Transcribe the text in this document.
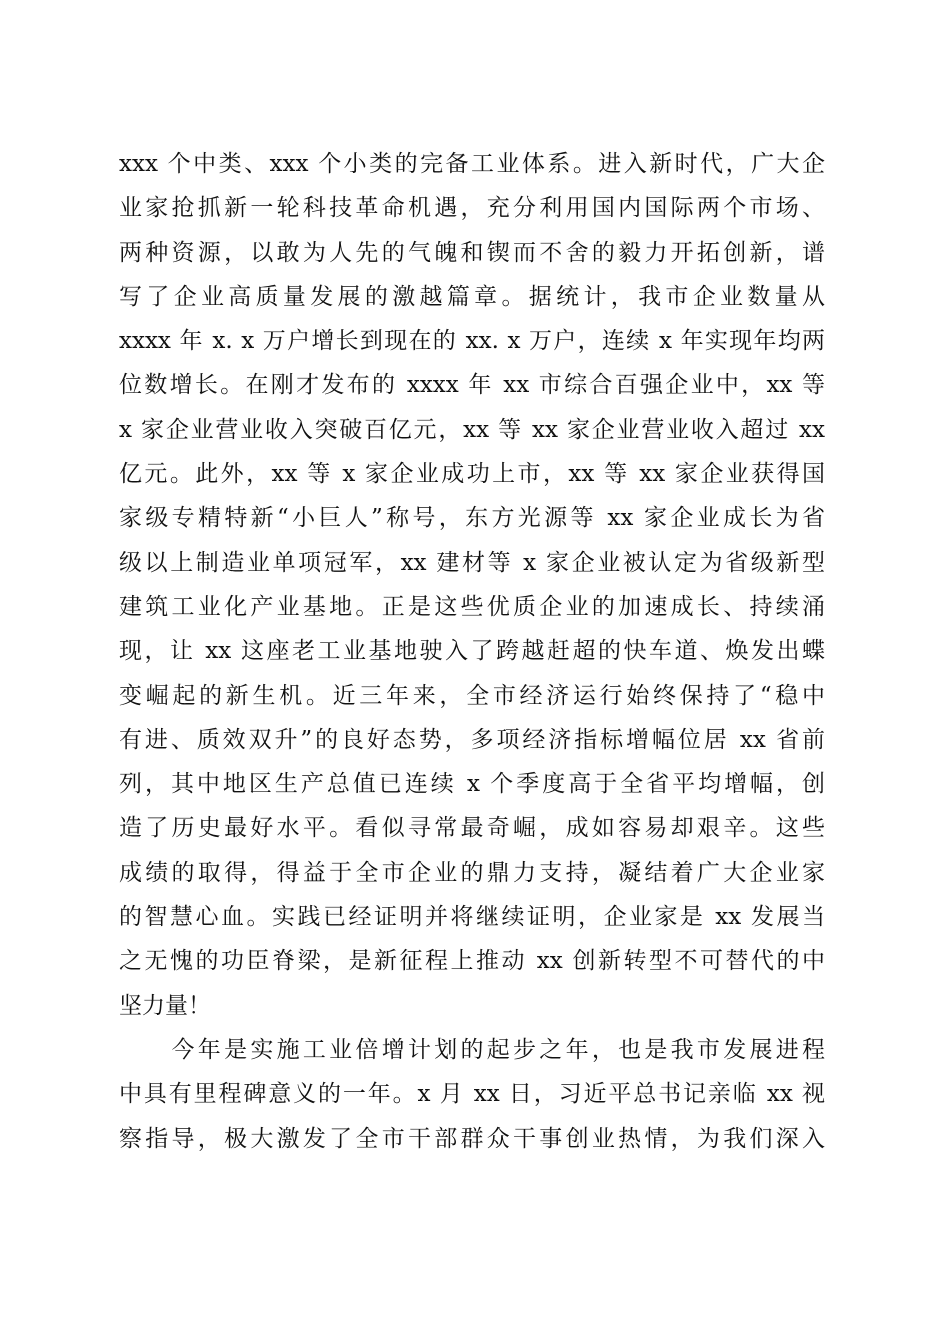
xxx 个中类、xxx 个小类的完备工业体系。进入新时代，广大企
业家抢抓新一轮科技革命机遇，充分利用国内国际两个市场、
两种资源，以敢为人先的气魄和锲而不舍的毅力开拓创新，谱
写了企业高质量发展的激越篇章。据统计，我市企业数量从
xxxx 年 x. x 万户增长到现在的 xx. x 万户，连续 x 年实现年均两
位数增长。在刚才发布的 xxxx 年 xx 市综合百强企业中，xx 等
x 家企业营业收入突破百亿元，xx 等 xx 家企业营业收入超过 xx
亿元。此外，xx 等 x 家企业成功上市，xx 等 xx 家企业获得国
家级专精特新“小巨人”称号，东方光源等 xx 家企业成长为省
级以上制造业单项冠军，xx 建材等 x 家企业被认定为省级新型
建筑工业化产业基地。正是这些优质企业的加速成长、持续涌
现，让 xx 这座老工业基地驶入了跨越赶超的快车道、焕发出蝶
变崛起的新生机。近三年来，全市经济运行始终保持了“稳中
有进、质效双升”的良好态势，多项经济指标增幅位居 xx 省前
列，其中地区生产总值已连续 x 个季度高于全省平均增幅，创
造了历史最好水平。看似寻常最奇崛，成如容易却艰辛。这些
成绩的取得，得益于全市企业的鼎力支持，凝结着广大企业家
的智慧心血。实践已经证明并将继续证明，企业家是 xx 发展当
之无愧的功臣脊梁，是新征程上推动 xx 创新转型不可替代的中
坚力量！
　　今年是实施工业倍增计划的起步之年，也是我市发展进程
中具有里程碑意义的一年。x 月 xx 日，习近平总书记亲临 xx 视
察指导，极大激发了全市干部群众干事创业热情，为我们深入
